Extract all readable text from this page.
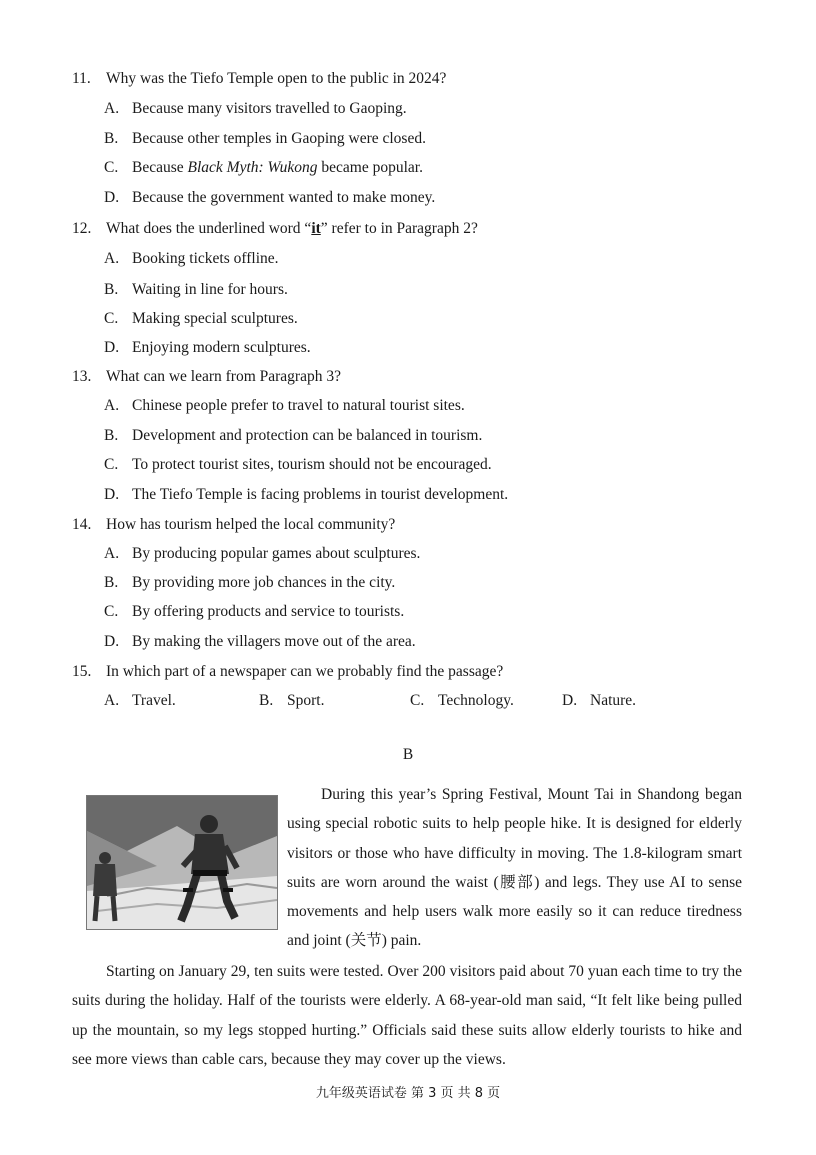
11. Why was the Tiefo Temple open to the public in 2024?
A. Because many visitors travelled to Gaoping.
B. Because other temples in Gaoping were closed.
C. Because Black Myth: Wukong became popular.
D. Because the government wanted to make money.
12. What does the underlined word “it” refer to in Paragraph 2?
A. Booking tickets offline.
B. Waiting in line for hours.
C. Making special sculptures.
D. Enjoying modern sculptures.
13. What can we learn from Paragraph 3?
A. Chinese people prefer to travel to natural tourist sites.
B. Development and protection can be balanced in tourism.
C. To protect tourist sites, tourism should not be encouraged.
D. The Tiefo Temple is facing problems in tourist development.
14. How has tourism helped the local community?
A. By producing popular games about sculptures.
B. By providing more job chances in the city.
C. By offering products and service to tourists.
D. By making the villagers move out of the area.
15. In which part of a newspaper can we probably find the passage?
A. Travel.	B. Sport.	C. Technology.	D. Nature.
B
During this year’s Spring Festival, Mount Tai in Shandong began using special robotic suits to help people hike. It is designed for elderly visitors or those who have difficulty in moving. The 1.8-kilogram smart suits are worn around the waist (腰部) and legs. They use AI to sense movements and help users walk more easily so it can reduce tiredness and joint (关节) pain.
Starting on January 29, ten suits were tested. Over 200 visitors paid about 70 yuan each time to try the suits during the holiday. Half of the tourists were elderly. A 68-year-old man said, “It felt like being pulled up the mountain, so my legs stopped hurting.” Officials said these suits allow elderly tourists to hike and see more views than cable cars, because they may cover up the views.
九年级英语试卷 第 3 页 共 8 页
